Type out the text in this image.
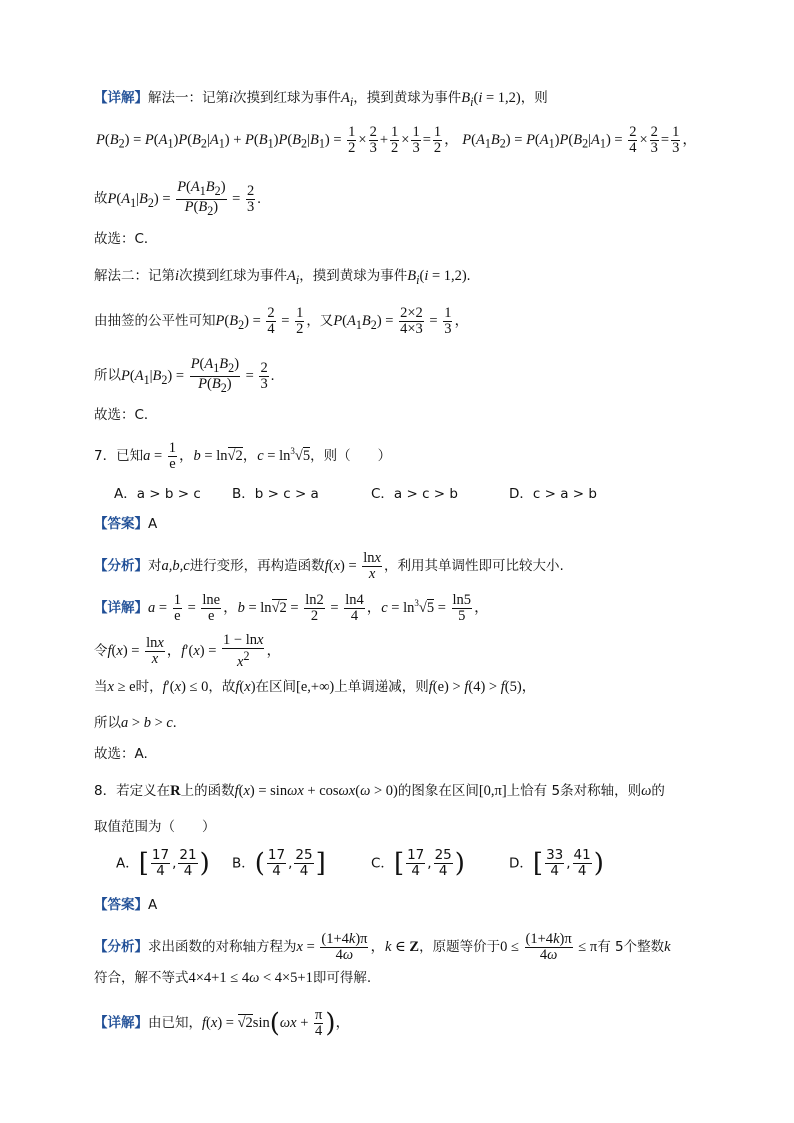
【详解】解法一：记第i次摸到红球为事件$A_i$，摸到黄球为事件$B_i(i = 1,2)$，则
$P(B_2) = P(A_1)P(B_2|A_1) + P(B_1)P(B_2|B_1) = \frac{1}{2} \times \frac{2}{3} + \frac{1}{2} \times \frac{1}{3} = \frac{1}{2}$ ， $P(A_1B_2) = P(A_1)P(B_2|A_1) = \frac{2}{4} \times \frac{2}{3} = \frac{1}{3}$ ，
故$P(A_1|B_2) = \frac{P(A_1B_2)}{P(B_2)} = \frac{2}{3}$ .
故选：C．
解法二：记第i次摸到红球为事件$A_i$，摸到黄球为事件$B_i(i = 1,2)$.
由抽签的公平性可知$P(B_2) = \frac{2}{4} = \frac{1}{2}$ ，又$P(A_1B_2) = \frac{2\times 2}{4\times 3} = \frac{1}{3}$ ，
所以$P(A_1|B_2) = \frac{P(A_1B_2)}{P(B_2)} = \frac{2}{3}$ .
故选：C．
7．已知$a = \frac{1}{e}$ ，b = ln√2，$c = \ln^3√5$，则（　　）
A．a > b > c B．b > c > a	C．a > c > b	D．c > a > b
【答案】A
【分析】对a,b,c进行变形，再构造函数$f(x) = \frac{\ln x}{x}$ ，利用其单调性即可比较大小.
【详解】$a = \frac{1}{e} = \frac{\ln e}{e}$ ，$b = \ln√2 = \frac{\ln 2}{2} = \frac{\ln 4}{4}$ ，$c = \ln^3√5 = \frac{\ln 5}{5}$ ，
令$f(x) = \frac{\ln x}{x}$ ，$f'(x) = \frac{1 - \ln x}{x^2}$ ，
当x ≥ e时，f′(x) ≤ 0，故f(x)在区间[e,+∞)上单调递减，则f(e) > f(4) > f(5)，
所以a > b > c.
故选：A.
8．若定义在R上的函数f(x) = sinωx + cosωx(ω > 0)的图象在区间[0,π]上恰有 5条对称轴，则ω的
取值范围为（　　）
A．[ $\frac{17}{4}$ , $\frac{21}{4}$ ) B．( $\frac{17}{4}$ , $\frac{25}{4}$ ]	C．[ $\frac{17}{4}$ , $\frac{25}{4}$ )	D．[ $\frac{33}{4}$ , $\frac{41}{4}$ )
【答案】A
【分析】求出函数的对称轴方程为$x = \frac{(1+4k)\pi}{4\omega}$ ，k ∈ Z，原题等价于$0 \le \frac{(1+4k)\pi}{4\omega} \le \pi$有 5个整数k
符合，解不等式4×4+1 ≤ 4ω < 4×5+1即可得解.
【详解】由已知，$f(x) = √2\sin(\omega x + \frac{\pi}{4}$ )，
